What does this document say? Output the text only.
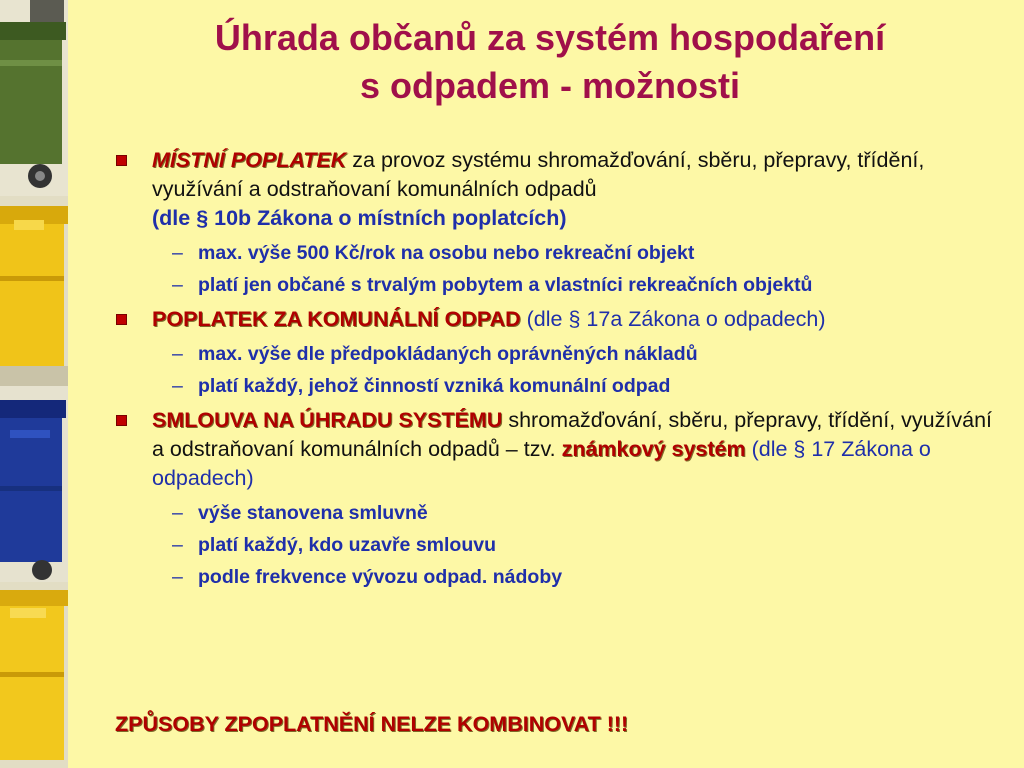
Úhrada občanů za systém hospodaření
s odpadem - možnosti
MÍSTNÍ POPLATEK za provoz systému shromažďování, sběru, přepravy, třídění, využívání a odstraňovaní komunálních odpadů
(dle § 10b Zákona o místních poplatcích)
– max. výše 500 Kč/rok na osobu nebo rekreační objekt
– platí jen občané s trvalým pobytem a vlastníci rekreačních objektů
POPLATEK ZA KOMUNÁLNÍ ODPAD (dle § 17a Zákona o odpadech)
– max. výše dle předpokládaných oprávněných nákladů
– platí každý, jehož činností vzniká komunální odpad
SMLOUVA NA ÚHRADU SYSTÉMU shromažďování, sběru, přepravy, třídění, využívání a odstraňovaní komunálních odpadů – tzv. známkový systém (dle § 17 Zákona o odpadech)
– výše stanovena smluvně
– platí každý, kdo uzavře smlouvu
– podle frekvence vývozu odpad. nádoby
ZPŮSOBY ZPOPLATNĚNÍ NELZE KOMBINOVAT !!!
